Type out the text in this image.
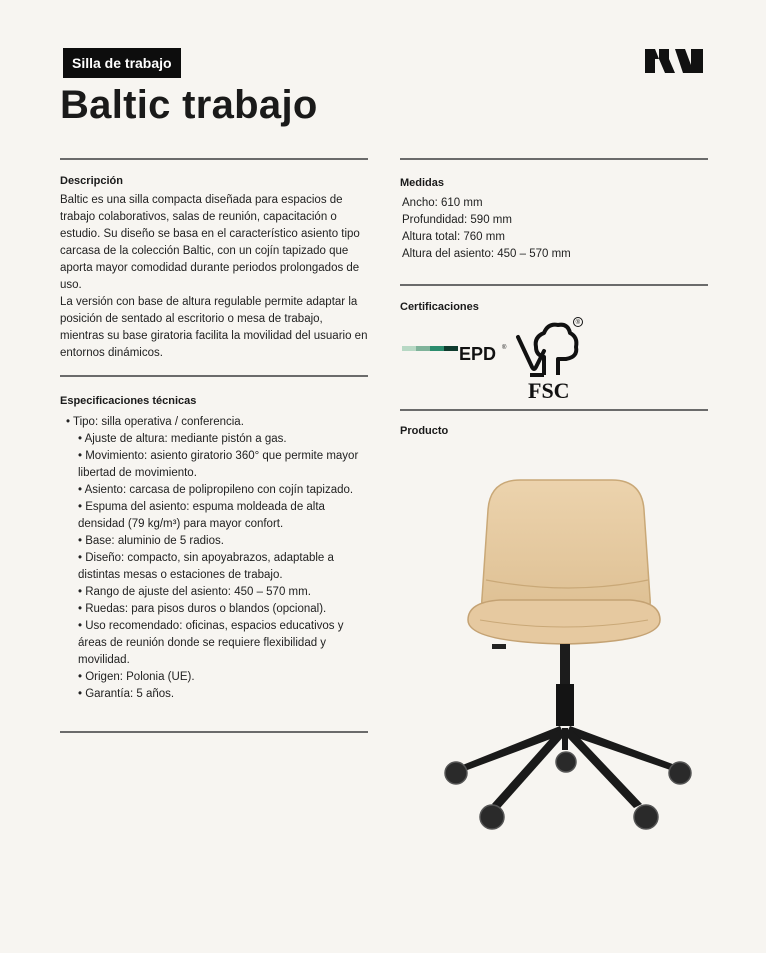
Silla de trabajo
Baltic trabajo
Descripción

Baltic es una silla compacta diseñada para espacios de trabajo colaborativos, salas de reunión, capacitación o estudio. Su diseño se basa en el característico asiento tipo carcasa de la colección Baltic, con un cojín tapizado que aporta mayor comodidad durante periodos prolongados de uso.

La versión con base de altura regulable permite adaptar la posición de sentado al escritorio o mesa de trabajo, mientras su base giratoria facilita la movilidad del usuario en entornos dinámicos.

Especificaciones técnicas
• Tipo: silla operativa / conferencia.
• Ajuste de altura: mediante pistón a gas.
• Movimiento: asiento giratorio 360° que permite mayor libertad de movimiento.
• Asiento: carcasa de polipropileno con cojín tapizado.
• Espuma del asiento: espuma moldeada de alta densidad (79 kg/m³) para mayor confort.
• Base: aluminio de 5 radios.
• Diseño: compacto, sin apoyabrazos, adaptable a distintas mesas o estaciones de trabajo.
• Rango de ajuste del asiento: 450 – 570 mm.
• Ruedas: para pisos duros o blandos (opcional).
• Uso recomendado: oficinas, espacios educativos y áreas de reunión donde se requiere flexibilidad y movilidad.
• Origen: Polonia (UE).
• Garantía: 5 años.
Medidas

Ancho: 610 mm

Profundidad: 590 mm

Altura total: 760 mm

Altura del asiento: 450 – 570 mm

Certificaciones
EPD ®
®
FSC
Producto
